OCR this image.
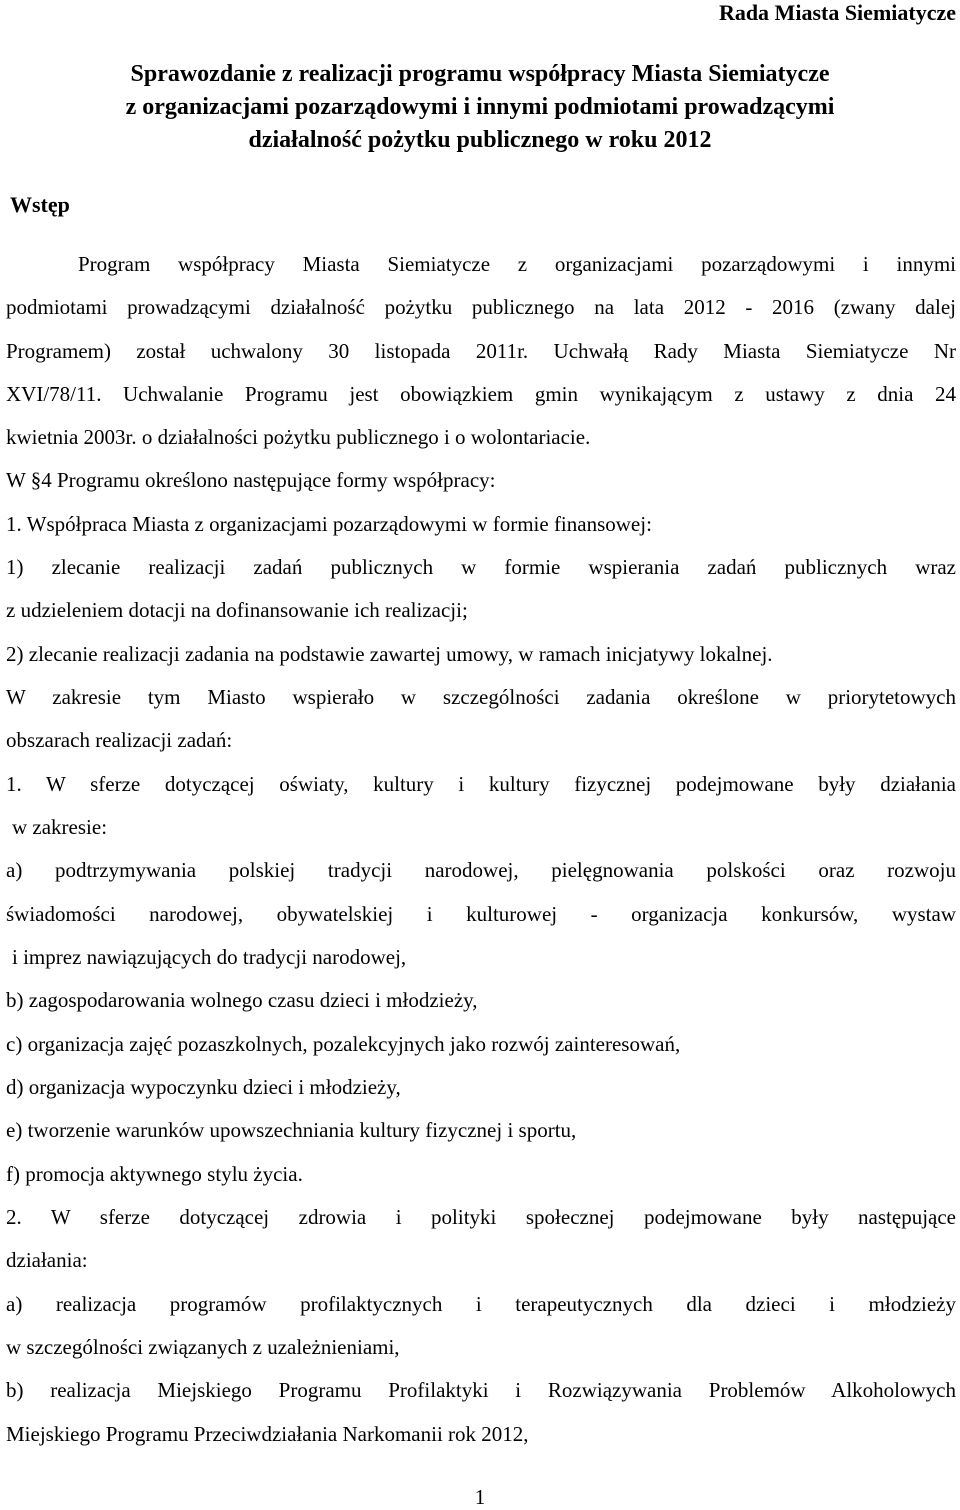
Rada Miasta Siemiatycze
Sprawozdanie z realizacji programu współpracy Miasta Siemiatycze
z organizacjami pozarządowymi i innymi podmiotami prowadzącymi
działalność pożytku publicznego w roku 2012
Wstęp
Program współpracy Miasta Siemiatycze z organizacjami pozarządowymi i innymi
podmiotami prowadzącymi działalność pożytku publicznego na lata 2012 - 2016 (zwany dalej
Programem) został uchwalony 30 listopada 2011r. Uchwałą Rady Miasta Siemiatycze Nr
XVI/78/11. Uchwalanie Programu jest obowiązkiem gmin wynikającym z ustawy z dnia 24
kwietnia 2003r. o działalności pożytku publicznego i o wolontariacie.
W §4 Programu określono następujące formy współpracy:
1. Współpraca Miasta z organizacjami pozarządowymi w formie finansowej:
1) zlecanie realizacji zadań publicznych w formie wspierania zadań publicznych wraz
z udzieleniem dotacji na dofinansowanie ich realizacji;
2) zlecanie realizacji zadania na podstawie zawartej umowy, w ramach inicjatywy lokalnej.
W zakresie tym Miasto wspierało w szczególności zadania określone w priorytetowych
obszarach realizacji zadań:
1. W sferze dotyczącej oświaty, kultury i kultury fizycznej podejmowane były działania
w zakresie:
a) podtrzymywania polskiej tradycji narodowej, pielęgnowania polskości oraz rozwoju
świadomości narodowej, obywatelskiej i kulturowej - organizacja konkursów, wystaw
i imprez nawiązujących do tradycji narodowej,
b) zagospodarowania wolnego czasu dzieci i młodzieży,
c) organizacja zajęć pozaszkolnych, pozalekcyjnych jako rozwój zainteresowań,
d) organizacja wypoczynku dzieci i młodzieży,
e) tworzenie warunków upowszechniania kultury fizycznej i sportu,
f) promocja aktywnego stylu życia.
2. W sferze dotyczącej zdrowia i polityki społecznej podejmowane były następujące
działania:
a) realizacja programów profilaktycznych i terapeutycznych dla dzieci i młodzieży
w szczególności związanych z uzależnieniami,
b) realizacja Miejskiego Programu Profilaktyki i Rozwiązywania Problemów Alkoholowych
Miejskiego Programu Przeciwdziałania Narkomanii rok 2012,
1
